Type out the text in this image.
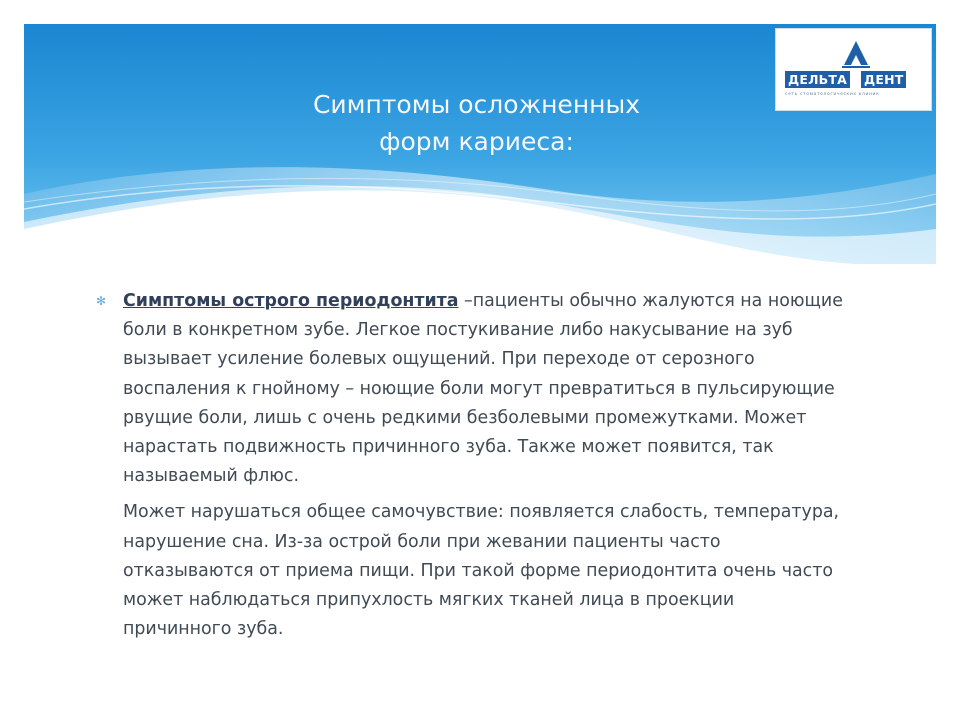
Симптомы осложненных
форм кариеса:
ДЕЛЬТА ДЕНТ
сеть стоматологических клиник
✻ Симптомы острого периодонтита –пациенты обычно жалуются на ноющие боли в конкретном зубе. Легкое постукивание либо накусывание на зуб вызывает усиление болевых ощущений. При переходе от серозного воспаления к гнойному – ноющие боли могут превратиться в пульсирующие рвущие боли, лишь с очень редкими безболевыми промежутками. Может нарастать подвижность причинного зуба. Также может появится, так называемый флюс.

Может нарушаться общее самочувствие: появляется слабость, температура, нарушение сна. Из-за острой боли при жевании пациенты часто отказываются от приема пищи. При такой форме периодонтита очень часто может наблюдаться припухлость мягких тканей лица в проекции причинного зуба.
